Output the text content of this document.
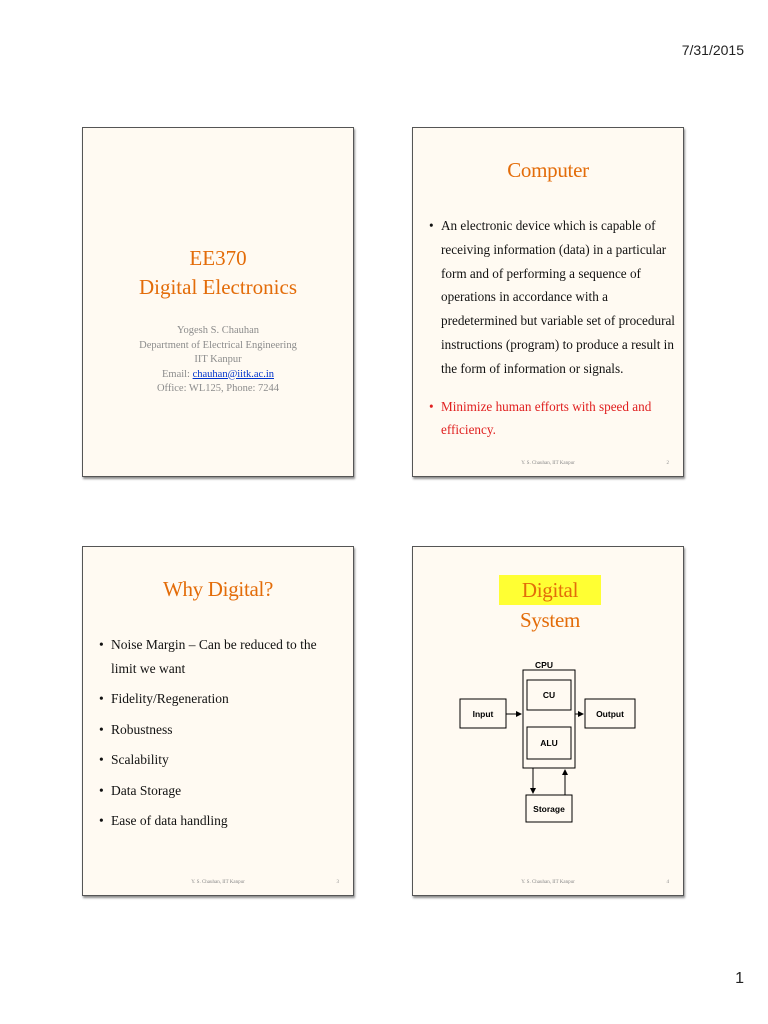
7/31/2015
EE370
Digital Electronics
Yogesh S. Chauhan
Department of Electrical Engineering
IIT Kanpur
Email: chauhan@iitk.ac.in
Office: WL125, Phone: 7244
Computer
• An electronic device which is capable of receiving information (data) in a particular form and of performing a sequence of operations in accordance with a predetermined but variable set of procedural instructions (program) to produce a result in the form of information or signals.
• Minimize human efforts with speed and efficiency.
Y. S. Chauhan, IIT Kanpur	2
Why Digital?
• Noise Margin – Can be reduced to the limit we want
• Fidelity/Regeneration
• Robustness
• Scalability
• Data Storage
• Ease of data handling
Y. S. Chauhan, IIT Kanpur	3
Digital System
CPU
CU
ALU
Input	Output
Storage
Y. S. Chauhan, IIT Kanpur	4
1
